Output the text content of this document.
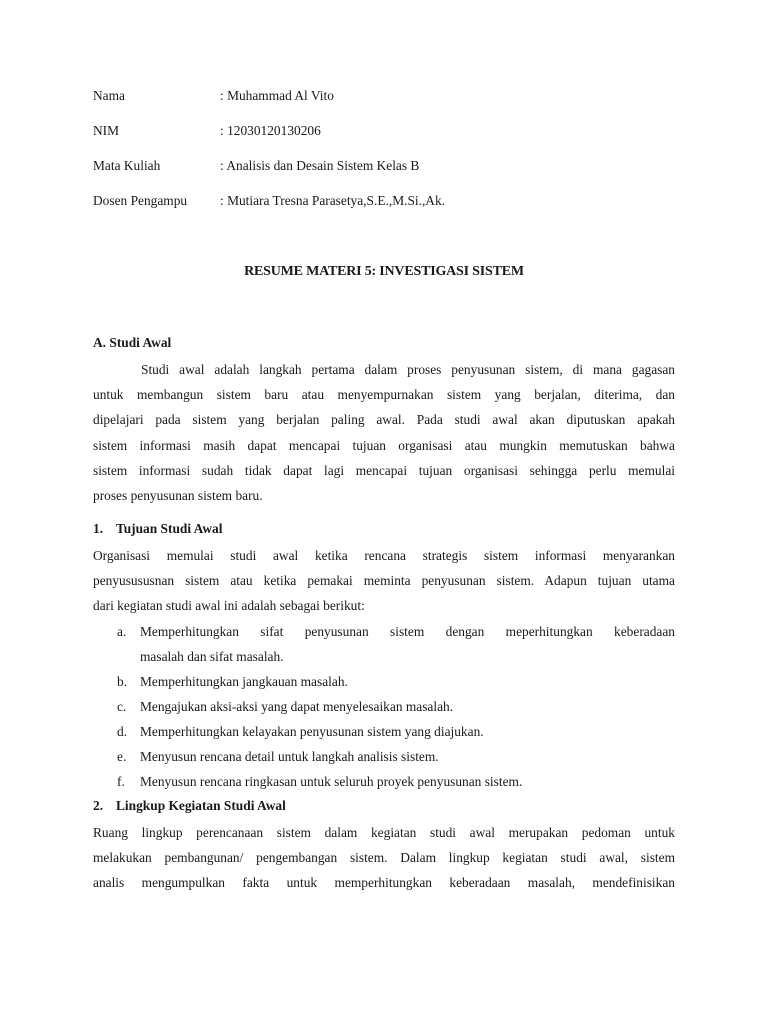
Nama	: Muhammad Al Vito
NIM	: 12030120130206
Mata Kuliah	: Analisis dan Desain Sistem Kelas B
Dosen Pengampu : Mutiara Tresna Parasetya,S.E.,M.Si.,Ak.
RESUME MATERI 5: INVESTIGASI SISTEM
A. Studi Awal
Studi awal adalah langkah pertama dalam proses penyusunan sistem, di mana gagasan
untuk membangun sistem baru atau menyempurnakan sistem yang berjalan, diterima, dan
dipelajari pada sistem yang berjalan paling awal. Pada studi awal akan diputuskan apakah
sistem informasi masih dapat mencapai tujuan organisasi atau mungkin memutuskan bahwa
sistem informasi sudah tidak dapat lagi mencapai tujuan organisasi sehingga perlu memulai
proses penyusunan sistem baru.
1. Tujuan Studi Awal
Organisasi memulai studi awal ketika rencana strategis sistem informasi menyarankan
penyusususnan sistem atau ketika pemakai meminta penyusunan sistem. Adapun tujuan utama
dari kegiatan studi awal ini adalah sebagai berikut:
a. Memperhitungkan sifat penyusunan sistem dengan meperhitungkan keberadaan
masalah dan sifat masalah.
b. Memperhitungkan jangkauan masalah.
c. Mengajukan aksi-aksi yang dapat menyelesaikan masalah.
d. Memperhitungkan kelayakan penyusunan sistem yang diajukan.
e. Menyusun rencana detail untuk langkah analisis sistem.
f. Menyusun rencana ringkasan untuk seluruh proyek penyusunan sistem.
2. Lingkup Kegiatan Studi Awal
Ruang lingkup perencanaan sistem dalam kegiatan studi awal merupakan pedoman untuk
melakukan pembangunan/ pengembangan sistem. Dalam lingkup kegiatan studi awal, sistem
analis mengumpulkan fakta untuk memperhitungkan keberadaan masalah, mendefinisikan
